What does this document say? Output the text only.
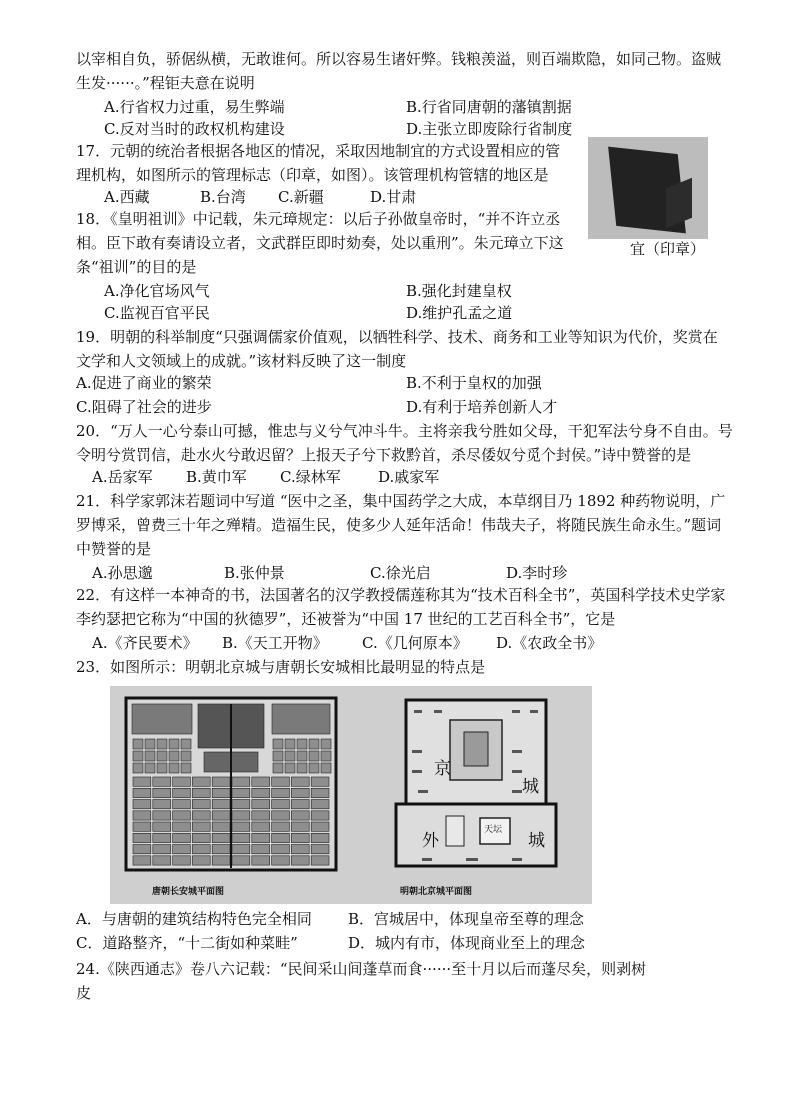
以宰相自负，骄倨纵横，无敢谁何。所以容易生诸奸弊。钱粮羡溢，则百端欺隐，如同己物。盗贼
生发······。”程钜夫意在说明
A.行省权力过重，易生弊端	B.行省同唐朝的藩镇割据
C.反对当时的政权机构建设	D.主张立即废除行省制度
17．元朝的统治者根据各地区的情况，采取因地制宜的方式设置相应的管
理机构，如图所示的管理标志（印章，如图）。该管理机构管辖的地区是
A.西藏	B.台湾 C.新疆	D.甘肃
宜（印章）
18．《皇明祖训》中记载，朱元璋规定：以后子孙做皇帝时，“并不许立丞
相。臣下敢有奏请设立者，文武群臣即时劾奏，处以重刑”。朱元璋立下这
条“祖训”的目的是
A.净化官场风气	B.强化封建皇权
C.监视百官平民	D.维护孔孟之道
19．明朝的科举制度“只强调儒家价值观，以牺牲科学、技术、商务和工业等知识为代价，奖赏在
文学和人文领域上的成就。”该材料反映了这一制度
A.促进了商业的繁荣	B.不利于皇权的加强
C.阻碍了社会的进步	D.有利于培养创新人才
20．“万人一心兮泰山可撼，惟忠与义兮气冲斗牛。主将亲我兮胜如父母，干犯军法兮身不自由。号
令明兮赏罚信，赴水火兮敢迟留？上报天子兮下救黔首，杀尽倭奴兮觅个封侯。”诗中赞誉的是
A.岳家军 B.黄巾军 C.绿林军 D.戚家军
21．科学家郭沫若题词中写道 “医中之圣，集中国药学之大成，本草纲目乃 1892 种药物说明，广
罗博采，曾费三十年之殚精。造福生民，使多少人延年活命！伟哉夫子，将随民族生命永生。”题词
中赞誉的是
A.孙思邈	B.张仲景	C.徐光启	D.李时珍
22．有这样一本神奇的书，法国著名的汉学教授儒莲称其为“技术百科全书”，英国科学技术史学家
李约瑟把它称为“中国的狄德罗”，还被誉为“中国 17 世纪的工艺百科全书”，它是
A.《齐民要术》 B.《天工开物》 C.《几何原本》 D.《农政全书》
23．如图所示：明朝北京城与唐朝长安城相比最明显的特点是
唐朝长安城平面图
京
城
外	城
天坛
明朝北京城平面图
A．与唐朝的建筑结构特色完全相同 B．宫城居中，体现皇帝至尊的理念
C．道路整齐，“十二街如种菜畦”	D．城内有市，体现商业至上的理念
24.《陕西通志》卷八六记载：“民间采山间蓬草而食······至十月以后而蓬尽矣，则剥树
皮
